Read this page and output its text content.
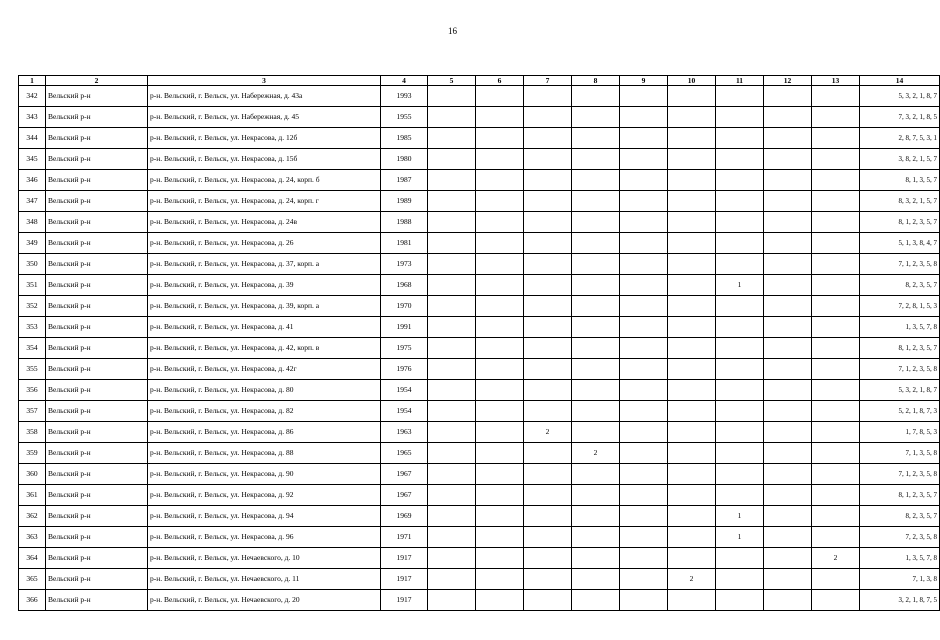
16
1	2	3	4	5	6	7	8	9	10	11	12	13	14
342	Вельский р-н	р-н. Вельский, г. Вельск, ул. Набережная, д. 43а	1993										5, 3, 2, 1, 8, 7
343	Вельский р-н	р-н. Вельский, г. Вельск, ул. Набережная, д. 45	1955										7, 3, 2, 1, 8, 5
344	Вельский р-н	р-н. Вельский, г. Вельск, ул. Некрасова, д. 12б	1985										2, 8, 7, 5, 3, 1
345	Вельский р-н	р-н. Вельский, г. Вельск, ул. Некрасова, д. 15б	1980										3, 8, 2, 1, 5, 7
346	Вельский р-н	р-н. Вельский, г. Вельск, ул. Некрасова, д. 24, корп. б	1987										8, 1, 3, 5, 7
347	Вельский р-н	р-н. Вельский, г. Вельск, ул. Некрасова, д. 24, корп. г	1989										8, 3, 2, 1, 5, 7
348	Вельский р-н	р-н. Вельский, г. Вельск, ул. Некрасова, д. 24в	1988										8, 1, 2, 3, 5, 7
349	Вельский р-н	р-н. Вельский, г. Вельск, ул. Некрасова, д. 26	1981										5, 1, 3, 8, 4, 7
350	Вельский р-н	р-н. Вельский, г. Вельск, ул. Некрасова, д. 37, корп. а	1973										7, 1, 2, 3, 5, 8
351	Вельский р-н	р-н. Вельский, г. Вельск, ул. Некрасова, д. 39	1968							1			8, 2, 3, 5, 7
352	Вельский р-н	р-н. Вельский, г. Вельск, ул. Некрасова, д. 39, корп. а	1970										7, 2, 8, 1, 5, 3
353	Вельский р-н	р-н. Вельский, г. Вельск, ул. Некрасова, д. 41	1991										1, 3, 5, 7, 8
354	Вельский р-н	р-н. Вельский, г. Вельск, ул. Некрасова, д. 42, корп. в	1975										8, 1, 2, 3, 5, 7
355	Вельский р-н	р-н. Вельский, г. Вельск, ул. Некрасова, д. 42г	1976										7, 1, 2, 3, 5, 8
356	Вельский р-н	р-н. Вельский, г. Вельск, ул. Некрасова, д. 80	1954										5, 3, 2, 1, 8, 7
357	Вельский р-н	р-н. Вельский, г. Вельск, ул. Некрасова, д. 82	1954										5, 2, 1, 8, 7, 3
358	Вельский р-н	р-н. Вельский, г. Вельск, ул. Некрасова, д. 86	1963			2							1, 7, 8, 5, 3
359	Вельский р-н	р-н. Вельский, г. Вельск, ул. Некрасова, д. 88	1965				2						7, 1, 3, 5, 8
360	Вельский р-н	р-н. Вельский, г. Вельск, ул. Некрасова, д. 90	1967										7, 1, 2, 3, 5, 8
361	Вельский р-н	р-н. Вельский, г. Вельск, ул. Некрасова, д. 92	1967										8, 1, 2, 3, 5, 7
362	Вельский р-н	р-н. Вельский, г. Вельск, ул. Некрасова, д. 94	1969							1			8, 2, 3, 5, 7
363	Вельский р-н	р-н. Вельский, г. Вельск, ул. Некрасова, д. 96	1971							1			7, 2, 3, 5, 8
364	Вельский р-н	р-н. Вельский, г. Вельск, ул. Нечаевского, д. 10	1917									2	1, 3, 5, 7, 8
365	Вельский р-н	р-н. Вельский, г. Вельск, ул. Нечаевского, д. 11	1917						2				7, 1, 3, 8
366	Вельский р-н	р-н. Вельский, г. Вельск, ул. Нечаевского, д. 20	1917										3, 2, 1, 8, 7, 5
